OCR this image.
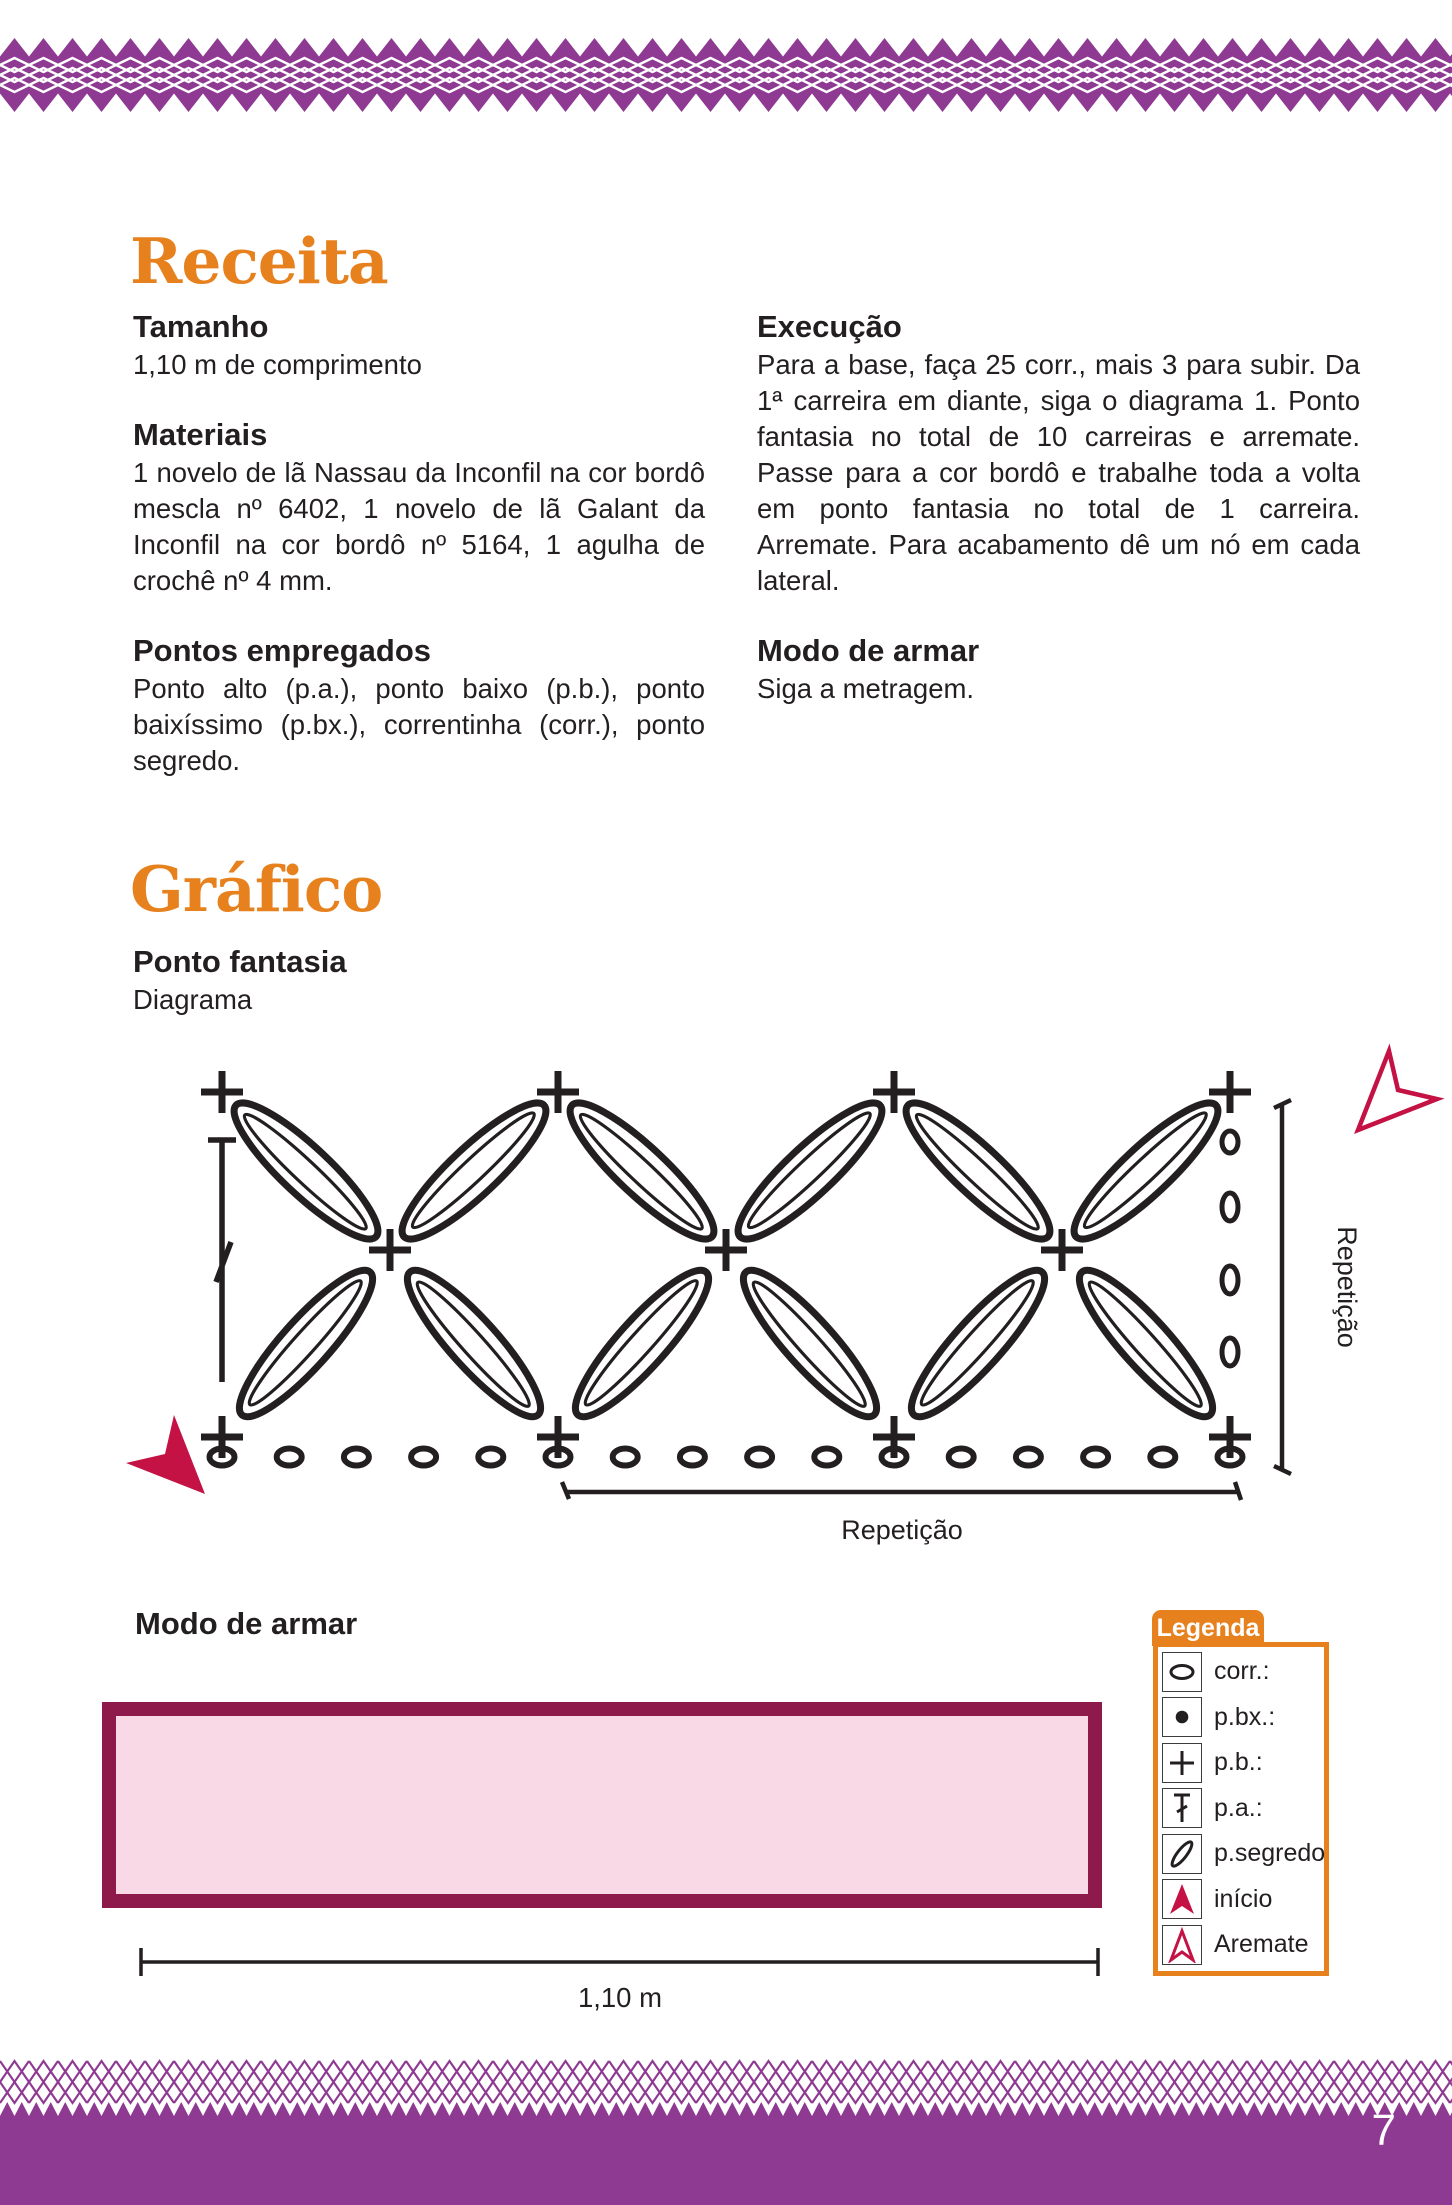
Receita
Tamanho

1,10 m de comprimento

Materiais

1 novelo de lã Nassau da Inconfil na cor bordô mescla nº 6402, 1 novelo de lã Galant da Inconfil na cor bordô nº 5164, 1 agulha de crochê nº 4 mm.

Pontos empregados

Ponto alto (p.a.), ponto baixo (p.b.), ponto baixíssimo (p.bx.), correntinha (corr.), ponto segredo.

Execução

Para a base, faça 25 corr., mais 3 para subir. Da 1ª carreira em diante, siga o diagrama 1. Ponto fantasia no total de 10 carreiras e arremate. Passe para a cor bordô e trabalhe toda a volta em ponto fantasia no total de 1 carreira. Arremate. Para acabamento dê um nó em cada lateral.

Modo de armar

Siga a metragem.

Gráfico
Ponto fantasia
Diagrama
Repetição
Repetição
Modo de armar
1,10 m
Legenda
corr.:
p.bx.:
p.b.:
p.a.:
p.segredo
início
Aremate
7
